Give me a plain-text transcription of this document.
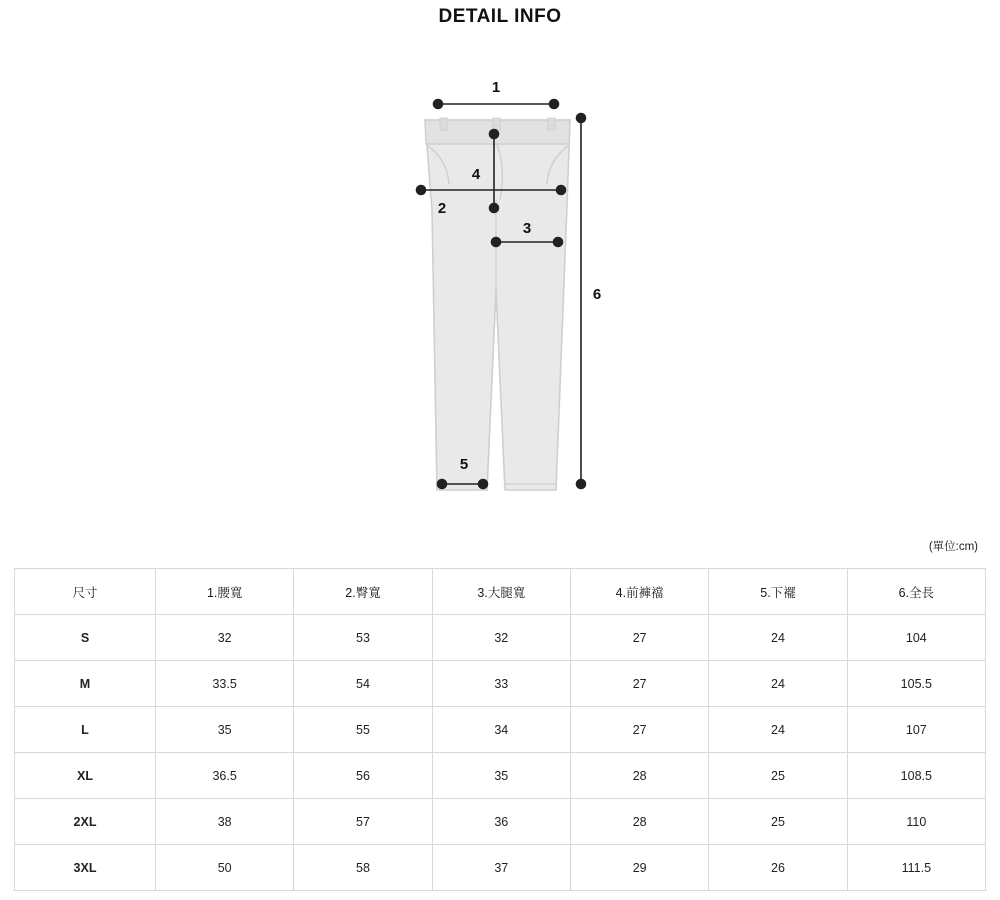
DETAIL INFO
1
2
3
4
5
6
(單位:cm)
尺寸	1.腰寬	2.臀寬	3.大腿寬	4.前褲襠	5.下襬	6.全長
S	32	53	32	27	24	104
M	33.5	54	33	27	24	105.5
L	35	55	34	27	24	107
XL	36.5	56	35	28	25	108.5
2XL	38	57	36	28	25	110
3XL	50	58	37	29	26	111.5
